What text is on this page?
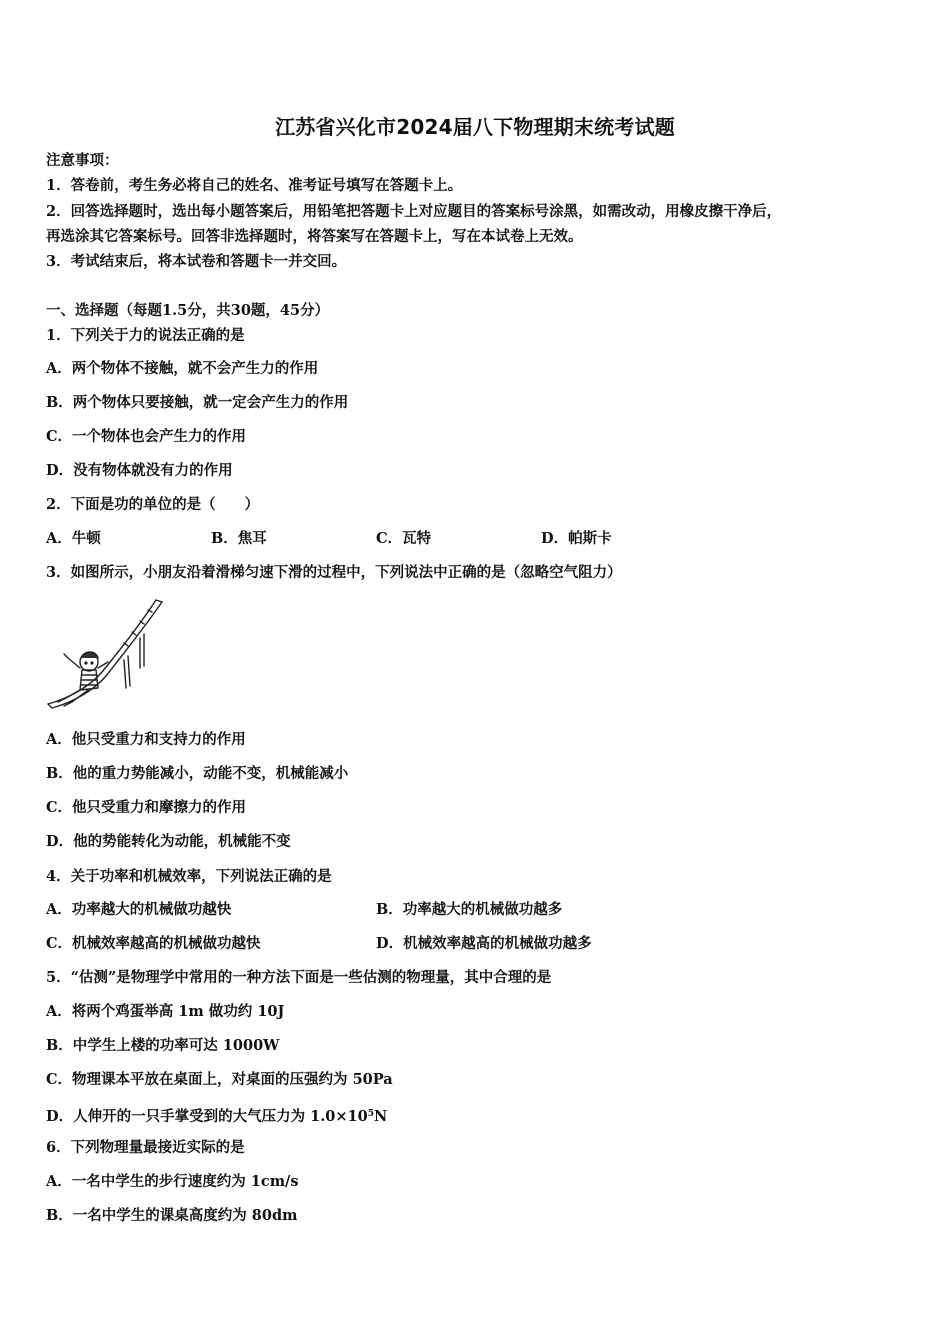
江苏省兴化市2024届八下物理期末统考试题
注意事项：
1．答卷前，考生务必将自己的姓名、准考证号填写在答题卡上。
2．回答选择题时，选出每小题答案后，用铅笔把答题卡上对应题目的答案标号涂黑，如需改动，用橡皮擦干净后，
再选涂其它答案标号。回答非选择题时，将答案写在答题卡上，写在本试卷上无效。
3．考试结束后，将本试卷和答题卡一并交回。
一、选择题（每题1.5分，共30题，45分）
1．下列关于力的说法正确的是
A．两个物体不接触，就不会产生力的作用
B．两个物体只要接触，就一定会产生力的作用
C．一个物体也会产生力的作用
D．没有物体就没有力的作用
2．下面是功的单位的是（　　）
A．牛顿	B．焦耳	C．瓦特	D．帕斯卡
3．如图所示，小朋友沿着滑梯匀速下滑的过程中，下列说法中正确的是（忽略空气阻力）
A．他只受重力和支持力的作用
B．他的重力势能减小，动能不变，机械能减小
C．他只受重力和摩擦力的作用
D．他的势能转化为动能，机械能不变
4．关于功率和机械效率，下列说法正确的是
A．功率越大的机械做功越快	B．功率越大的机械做功越多
C．机械效率越高的机械做功越快	D．机械效率越高的机械做功越多
5．“估测”是物理学中常用的一种方法下面是一些估测的物理量，其中合理的是
A．将两个鸡蛋举高 1m 做功约 10J
B．中学生上楼的功率可达 1000W
C．物理课本平放在桌面上，对桌面的压强约为 50Pa
D．人伸开的一只手掌受到的大气压力为 $1.0\times 10^5N$
6．下列物理量最接近实际的是
A．一名中学生的步行速度约为 1cm/s
B．一名中学生的课桌高度约为 80dm
